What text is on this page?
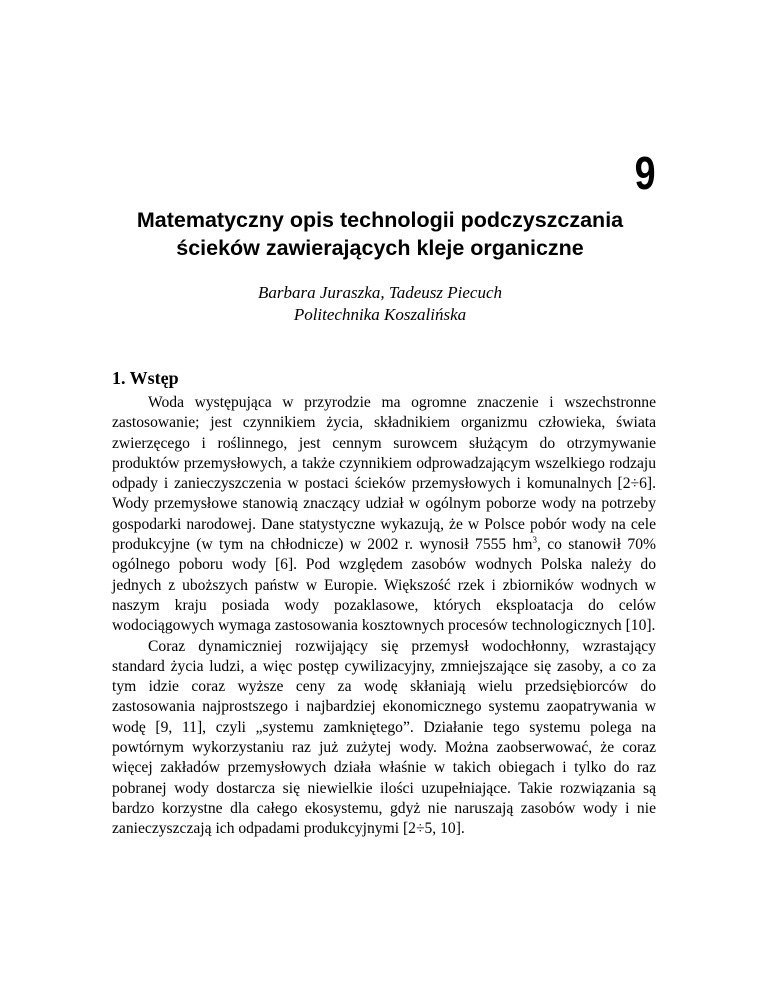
9
Matematyczny opis technologii podczyszczania
ścieków zawierających kleje organiczne
Barbara Juraszka, Tadeusz Piecuch
Politechnika Koszalińska
1. Wstęp

Woda występująca w przyrodzie ma ogromne znaczenie i wszechstronne zastosowanie; jest czynnikiem życia, składnikiem organizmu człowieka, świata zwierzęcego i roślinnego, jest cennym surowcem służącym do otrzymywanie produktów przemysłowych, a także czynnikiem odprowadzającym wszelkiego rodzaju odpady i zanieczyszczenia w postaci ścieków przemysłowych i komunalnych [2÷6]. Wody przemysłowe stanowią znaczący udział w ogólnym poborze wody na potrzeby gospodarki narodowej. Dane statystyczne wykazują, że w Polsce pobór wody na cele produkcyjne (w tym na chłodnicze) w 2002 r. wynosił 7555 $hm^3$, co stanowił 70% ogólnego poboru wody [6]. Pod względem zasobów wodnych Polska należy do jednych z uboższych państw w Europie. Większość rzek i zbiorników wodnych w naszym kraju posiada wody pozaklasowe, których eksploatacja do celów wodociągowych wymaga zastosowania kosztownych procesów technologicznych [10].

Coraz dynamiczniej rozwijający się przemysł wodochłonny, wzrastający standard życia ludzi, a więc postęp cywilizacyjny, zmniejszające się zasoby, a co za tym idzie coraz wyższe ceny za wodę skłaniają wielu przedsiębiorców do zastosowania najprostszego i najbardziej ekonomicznego systemu zaopatrywania w wodę [9, 11], czyli „systemu zamkniętego”. Działanie tego systemu polega na powtórnym wykorzystaniu raz już zużytej wody. Można zaobserwować, że coraz więcej zakładów przemysłowych działa właśnie w takich obiegach i tylko do raz pobranej wody dostarcza się niewielkie ilości uzupełniające. Takie rozwiązania są bardzo korzystne dla całego ekosystemu, gdyż nie naruszają zasobów wody i nie zanieczyszczają ich odpadami produkcyjnymi [2÷5, 10].
